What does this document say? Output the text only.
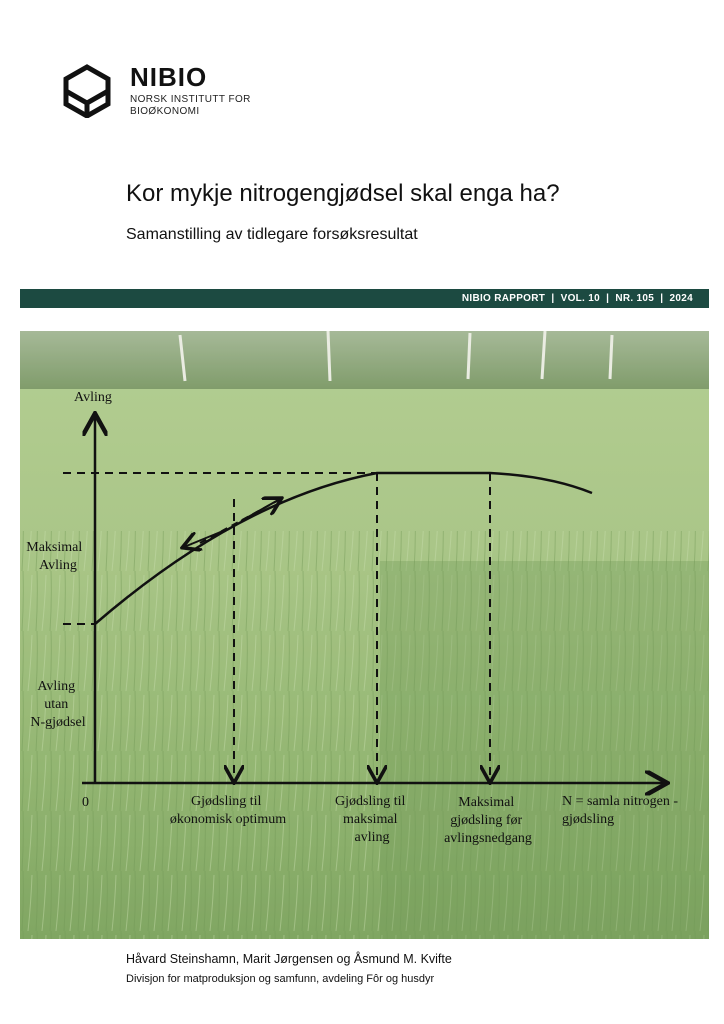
NIBIO
NORSK INSTITUTT FOR
BIOØKONOMI
Kor mykje nitrogengjødsel skal enga ha?
Samanstilling av tidlegare forsøksresultat
NIBIO RAPPORT  |  VOL. 10  |  NR. 105  |  2024
Avling
Maksimal Avling
Avling utan N-gjødsel
0	Gjødsling til økonomisk optimum
Gjødsling til maksimal avling
Maksimal gjødsling før avlingsnedgang
N = samla nitrogen - gjødsling
Håvard Steinshamn, Marit Jørgensen og Åsmund M. Kvifte
Divisjon for matproduksjon og samfunn, avdeling Fôr og husdyr
